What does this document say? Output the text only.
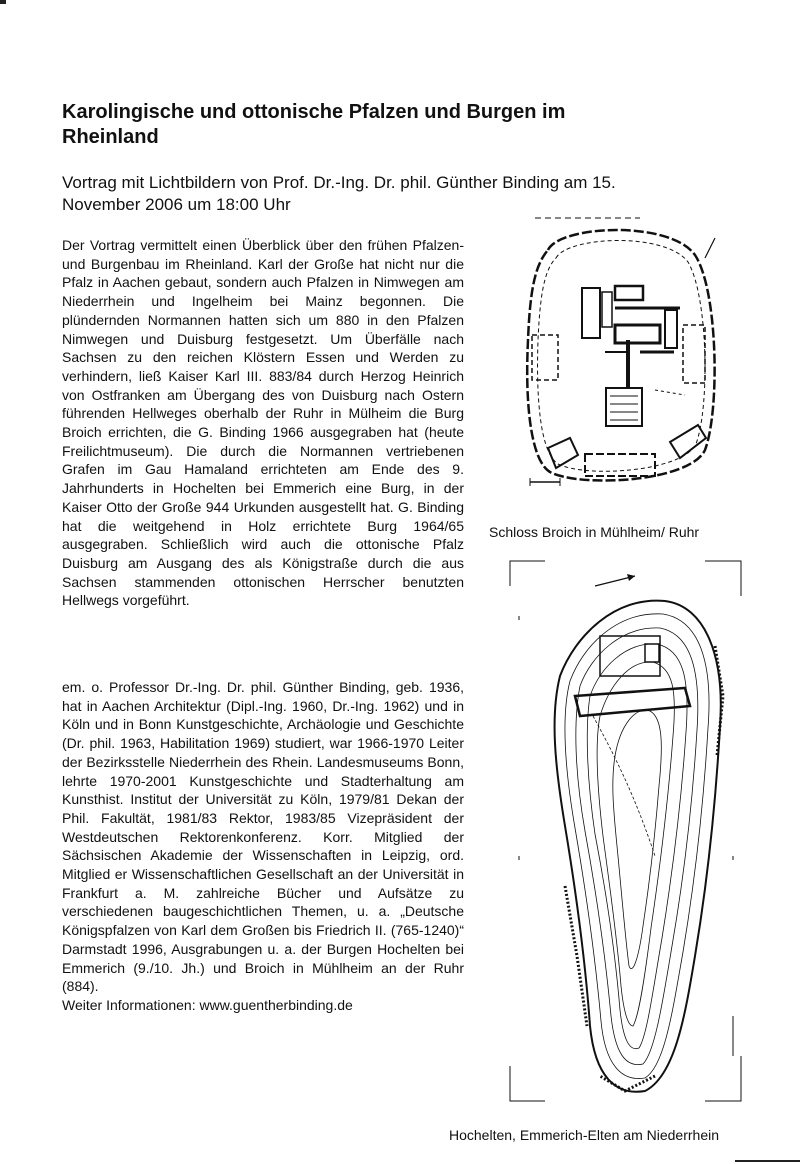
Karolingische und ottonische Pfalzen und Burgen im Rheinland

Vortrag mit Lichtbildern von Prof. Dr.-Ing. Dr. phil. Günther Binding am 15. November 2006 um 18:00 Uhr

Der Vortrag vermittelt einen Überblick über den frühen Pfalzen- und Burgenbau im Rheinland. Karl der Große hat nicht nur die Pfalz in Aachen gebaut, sondern auch Pfalzen in Nimwegen am Niederrhein und Ingelheim bei Mainz begonnen. Die plündernden Normannen hatten sich um 880 in den Pfalzen Nimwegen und Duisburg festgesetzt. Um Überfälle nach Sachsen zu den reichen Klöstern Essen und Werden zu verhindern, ließ Kaiser Karl III. 883/84 durch Herzog Heinrich von Ostfranken am Übergang des von Duisburg nach Ostern führenden Hellweges oberhalb der Ruhr in Mülheim die Burg Broich errichten, die G. Binding 1966 ausgegraben hat (heute Freilichtmuseum). Die durch die Normannen vertriebenen Grafen im Gau Hamaland errichteten am Ende des 9. Jahrhunderts in Hochelten bei Emmerich eine Burg, in der Kaiser Otto der Große 944 Urkunden ausgestellt hat. G. Binding hat die weitgehend in Holz errichtete Burg 1964/65 ausgegraben. Schließlich wird auch die ottonische Pfalz Duisburg am Ausgang des als Königstraße durch die aus Sachsen stammenden ottonischen Herrscher benutzten Hellwegs vorgeführt.

em. o. Professor Dr.-Ing. Dr. phil. Günther Binding, geb. 1936, hat in Aachen Architektur (Dipl.-Ing. 1960, Dr.-Ing. 1962) und in Köln und in Bonn Kunstgeschichte, Archäologie und Geschichte (Dr. phil. 1963, Habilitation 1969) studiert, war 1966-1970 Leiter der Bezirksstelle Niederrhein des Rhein. Landesmuseums Bonn, lehrte 1970-2001 Kunstgeschichte und Stadterhaltung am Kunsthist. Institut der Universität zu Köln, 1979/81 Dekan der Phil. Fakultät, 1981/83 Rektor, 1983/85 Vizepräsident der Westdeutschen Rektorenkonferenz. Korr. Mitglied der Sächsischen Akademie der Wissenschaften in Leipzig, ord. Mitglied er Wissenschaftlichen Gesellschaft an der Universität in Frankfurt a. M. zahlreiche Bücher und Aufsätze zu verschiedenen baugeschichtlichen Themen, u. a. „Deutsche Königspfalzen von Karl dem Großen bis Friedrich II. (765-1240)“ Darmstadt 1996, Ausgrabungen u. a. der Burgen Hochelten bei Emmerich (9./10. Jh.) und Broich in Mühlheim an der Ruhr (884).
Weiter Informationen: www.guentherbinding.de

Schloss Broich in Mühlheim/ Ruhr

Hochelten, Emmerich-Elten am Niederrhein
